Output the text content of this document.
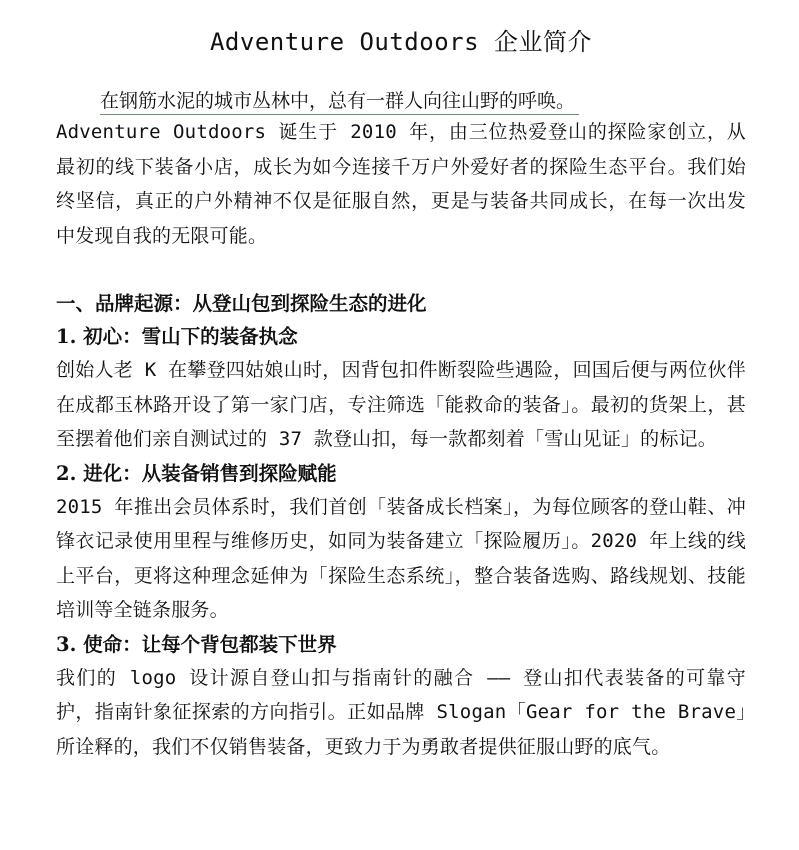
Adventure Outdoors 企业简介
在钢筋水泥的城市丛林中，总有一群人向往山野的呼唤。

Adventure Outdoors 诞生于 2010 年，由三位热爱登山的探险家创立，从最初的线下装备小店，成长为如今连接千万户外爱好者的探险生态平台。我们始终坚信，真正的户外精神不仅是征服自然，更是与装备共同成长，在每一次出发中发现自我的无限可能。

一、品牌起源：从登山包到探险生态的进化
1. 初心：雪山下的装备执念

创始人老 K 在攀登四姑娘山时，因背包扣件断裂险些遇险，回国后便与两位伙伴在成都玉林路开设了第一家门店，专注筛选「能救命的装备」。最初的货架上，甚至摆着他们亲自测试过的 37 款登山扣，每一款都刻着「雪山见证」的标记。

2. 进化：从装备销售到探险赋能

2015 年推出会员体系时，我们首创「装备成长档案」，为每位顾客的登山鞋、冲锋衣记录使用里程与维修历史，如同为装备建立「探险履历」。2020 年上线的线上平台，更将这种理念延伸为「探险生态系统」，整合装备选购、路线规划、技能培训等全链条服务。

3. 使命：让每个背包都装下世界

我们的 logo 设计源自登山扣与指南针的融合 —— 登山扣代表装备的可靠守护，指南针象征探索的方向指引。正如品牌 Slogan「Gear for the Brave」所诠释的，我们不仅销售装备，更致力于为勇敢者提供征服山野的底气。
